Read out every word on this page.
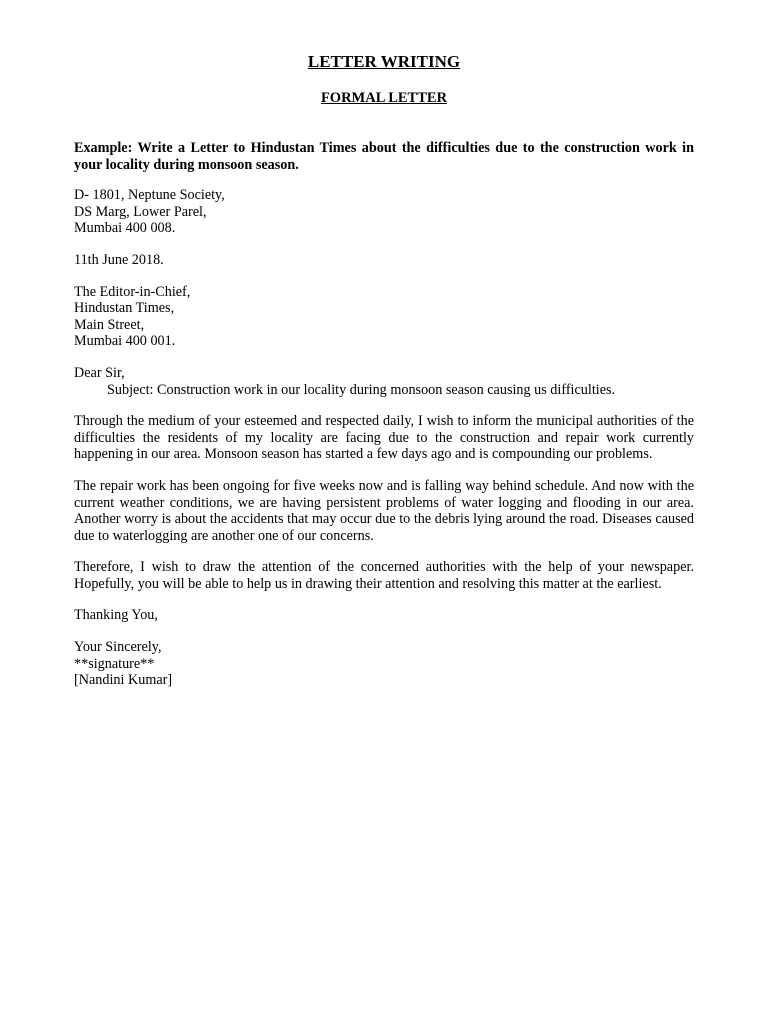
LETTER WRITING
FORMAL LETTER

Example: Write a Letter to Hindustan Times about the difficulties due to the construction work in your locality during monsoon season.

D- 1801, Neptune Society,
DS Marg, Lower Parel,
Mumbai 400 008.

11th June 2018.

The Editor-in-Chief,
Hindustan Times,
Main Street,
Mumbai 400 001.

Dear Sir,

Subject: Construction work in our locality during monsoon season causing us difficulties.

Through the medium of your esteemed and respected daily, I wish to inform the municipal authorities of the difficulties the residents of my locality are facing due to the construction and repair work currently happening in our area. Monsoon season has started a few days ago and is compounding our problems.

The repair work has been ongoing for five weeks now and is falling way behind schedule. And now with the current weather conditions, we are having persistent problems of water logging and flooding in our area. Another worry is about the accidents that may occur due to the debris lying around the road. Diseases caused due to waterlogging are another one of our concerns.

Therefore, I wish to draw the attention of the concerned authorities with the help of your newspaper. Hopefully, you will be able to help us in drawing their attention and resolving this matter at the earliest.

Thanking You,

Your Sincerely,
**signature**
[Nandini Kumar]
